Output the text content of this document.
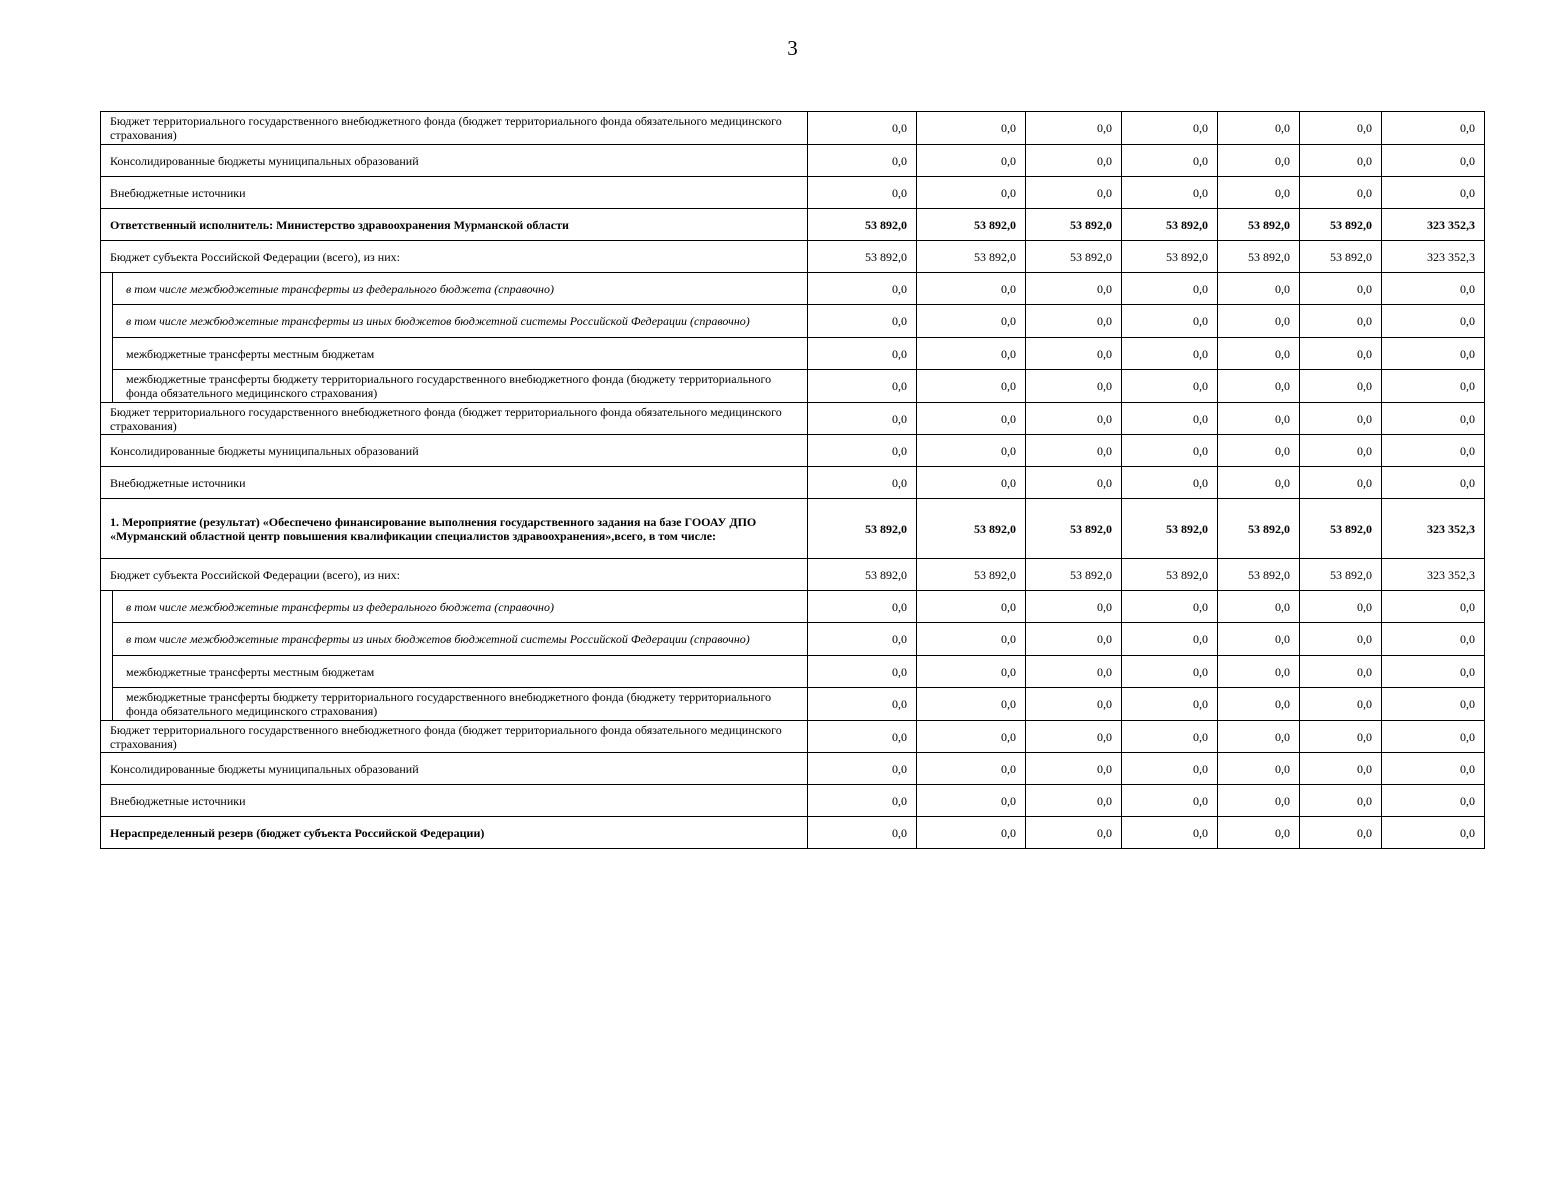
3
Бюджет территориального государственного внебюджетного фонда (бюджет территориального фонда обязательного медицинского страхования)		0,0	0,0	0,0	0,0	0,0	0,0	0,0
Консолидированные бюджеты муниципальных образований		0,0	0,0	0,0	0,0	0,0	0,0	0,0
Внебюджетные источники		0,0	0,0	0,0	0,0	0,0	0,0	0,0
Ответственный исполнитель: Министерство здравоохранения Мурманской области		53 892,0	53 892,0	53 892,0	53 892,0	53 892,0	53 892,0	323 352,3
Бюджет субъекта Российской Федерации (всего), из них:		53 892,0	53 892,0	53 892,0	53 892,0	53 892,0	53 892,0	323 352,3
	в том числе межбюджетные трансферты из федерального бюджета (справочно)	0,0	0,0	0,0	0,0	0,0	0,0	0,0
	в том числе межбюджетные трансферты из иных бюджетов бюджетной системы Российской Федерации (справочно)	0,0	0,0	0,0	0,0	0,0	0,0	0,0
	межбюджетные трансферты местным бюджетам	0,0	0,0	0,0	0,0	0,0	0,0	0,0
	межбюджетные трансферты бюджету территориального государственного внебюджетного фонда (бюджету территориального фонда обязательного медицинского страхования)	0,0	0,0	0,0	0,0	0,0	0,0	0,0
Бюджет территориального государственного внебюджетного фонда (бюджет территориального фонда обязательного медицинского страхования)		0,0	0,0	0,0	0,0	0,0	0,0	0,0
Консолидированные бюджеты муниципальных образований		0,0	0,0	0,0	0,0	0,0	0,0	0,0
Внебюджетные источники		0,0	0,0	0,0	0,0	0,0	0,0	0,0
1. Мероприятие (результат) «Обеспечено финансирование выполнения государственного задания на базе ГООАУ ДПО «Мурманский областной центр повышения квалификации специалистов здравоохранения»,всего, в том числе:		53 892,0	53 892,0	53 892,0	53 892,0	53 892,0	53 892,0	323 352,3
Бюджет субъекта Российской Федерации (всего), из них:		53 892,0	53 892,0	53 892,0	53 892,0	53 892,0	53 892,0	323 352,3
	в том числе межбюджетные трансферты из федерального бюджета (справочно)	0,0	0,0	0,0	0,0	0,0	0,0	0,0
	в том числе межбюджетные трансферты из иных бюджетов бюджетной системы Российской Федерации (справочно)	0,0	0,0	0,0	0,0	0,0	0,0	0,0
	межбюджетные трансферты местным бюджетам	0,0	0,0	0,0	0,0	0,0	0,0	0,0
	межбюджетные трансферты бюджету территориального государственного внебюджетного фонда (бюджету территориального фонда обязательного медицинского страхования)	0,0	0,0	0,0	0,0	0,0	0,0	0,0
Бюджет территориального государственного внебюджетного фонда (бюджет территориального фонда обязательного медицинского страхования)		0,0	0,0	0,0	0,0	0,0	0,0	0,0
Консолидированные бюджеты муниципальных образований		0,0	0,0	0,0	0,0	0,0	0,0	0,0
Внебюджетные источники		0,0	0,0	0,0	0,0	0,0	0,0	0,0
Нераспределенный резерв (бюджет субъекта Российской Федерации)		0,0	0,0	0,0	0,0	0,0	0,0	0,0
